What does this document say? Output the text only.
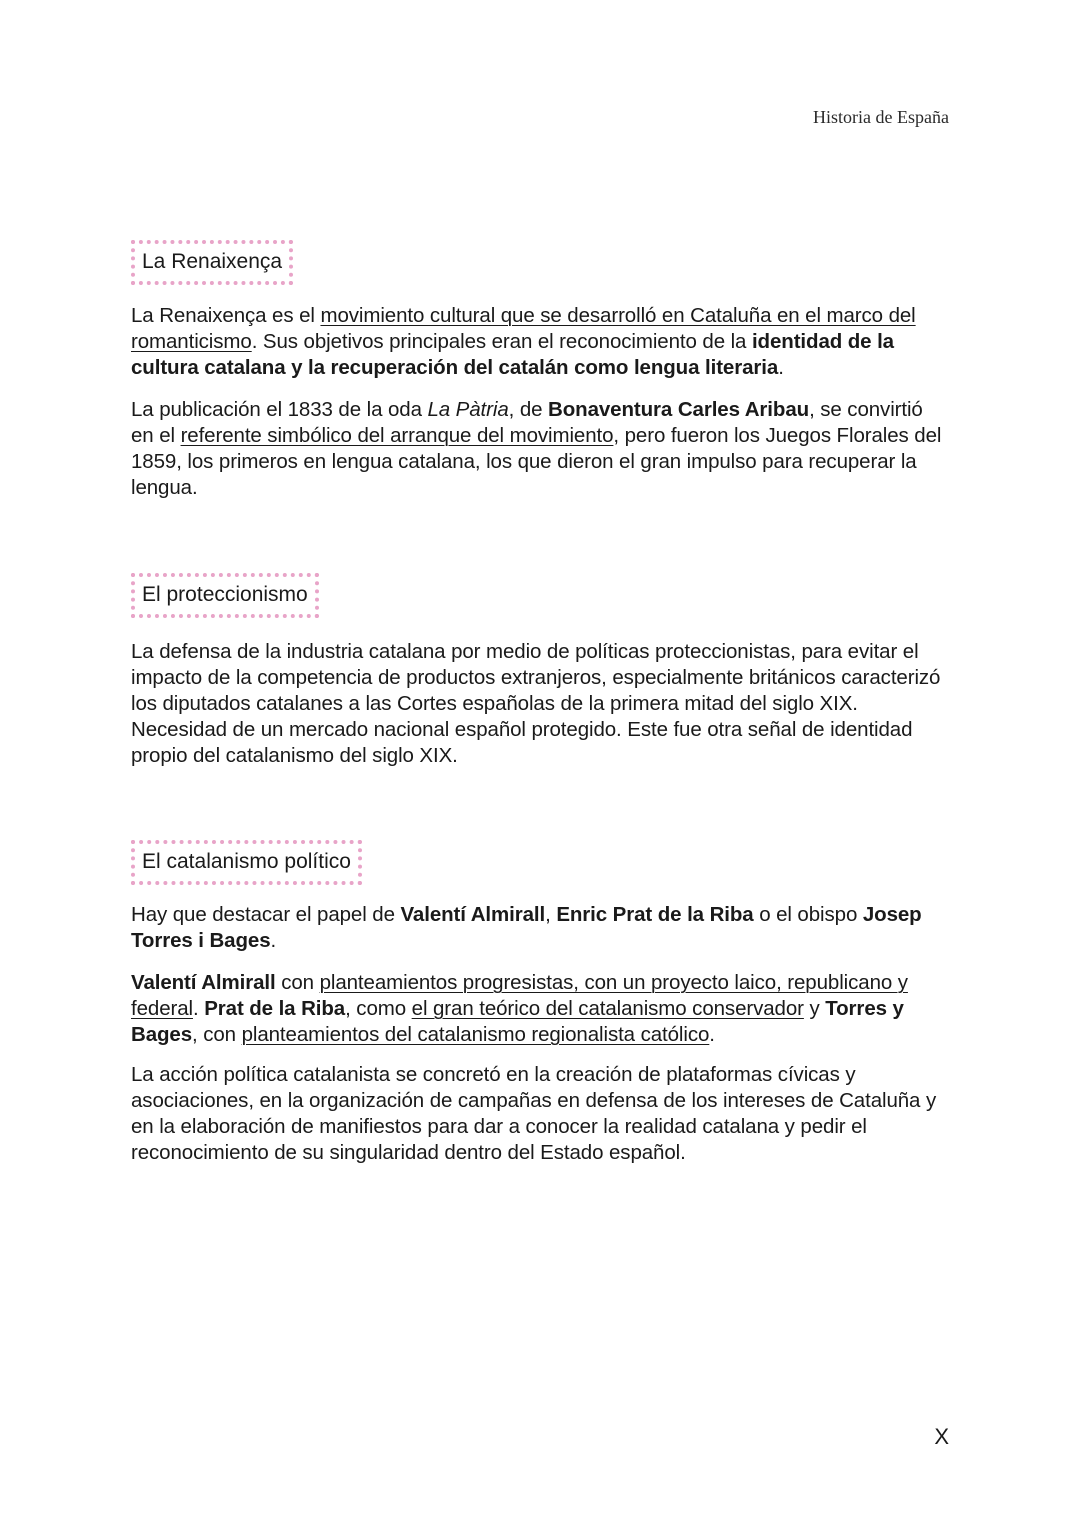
Historia de España
La Renaixença

La Renaixença es el movimiento cultural que se desarrolló en Cataluña en el marco del romanticismo. Sus objetivos principales eran el reconocimiento de la identidad de la cultura catalana y la recuperación del catalán como lengua literaria.

La publicación el 1833 de la oda La Pàtria, de Bonaventura Carles Aribau, se convirtió en el referente simbólico del arranque del movimiento, pero fueron los Juegos Florales del 1859, los primeros en lengua catalana, los que dieron el gran impulso para recuperar la lengua.

El proteccionismo

La defensa de la industria catalana por medio de políticas proteccionistas, para evitar el impacto de la competencia de productos extranjeros, especialmente británicos caracterizó los diputados catalanes a las Cortes españolas de la primera mitad del siglo XIX. Necesidad de un mercado nacional español protegido. Este fue otra señal de identidad propio del catalanismo del siglo XIX.

El catalanismo político

Hay que destacar el papel de Valentí Almirall, Enric Prat de la Riba o el obispo Josep Torres i Bages.

Valentí Almirall con planteamientos progresistas, con un proyecto laico, republicano y federal. Prat de la Riba, como el gran teórico del catalanismo conservador y Torres y Bages, con planteamientos del catalanismo regionalista católico.

La acción política catalanista se concretó en la creación de plataformas cívicas y asociaciones, en la organización de campañas en defensa de los intereses de Cataluña y en la elaboración de manifiestos para dar a conocer la realidad catalana y pedir el reconocimiento de su singularidad dentro del Estado español.

X
